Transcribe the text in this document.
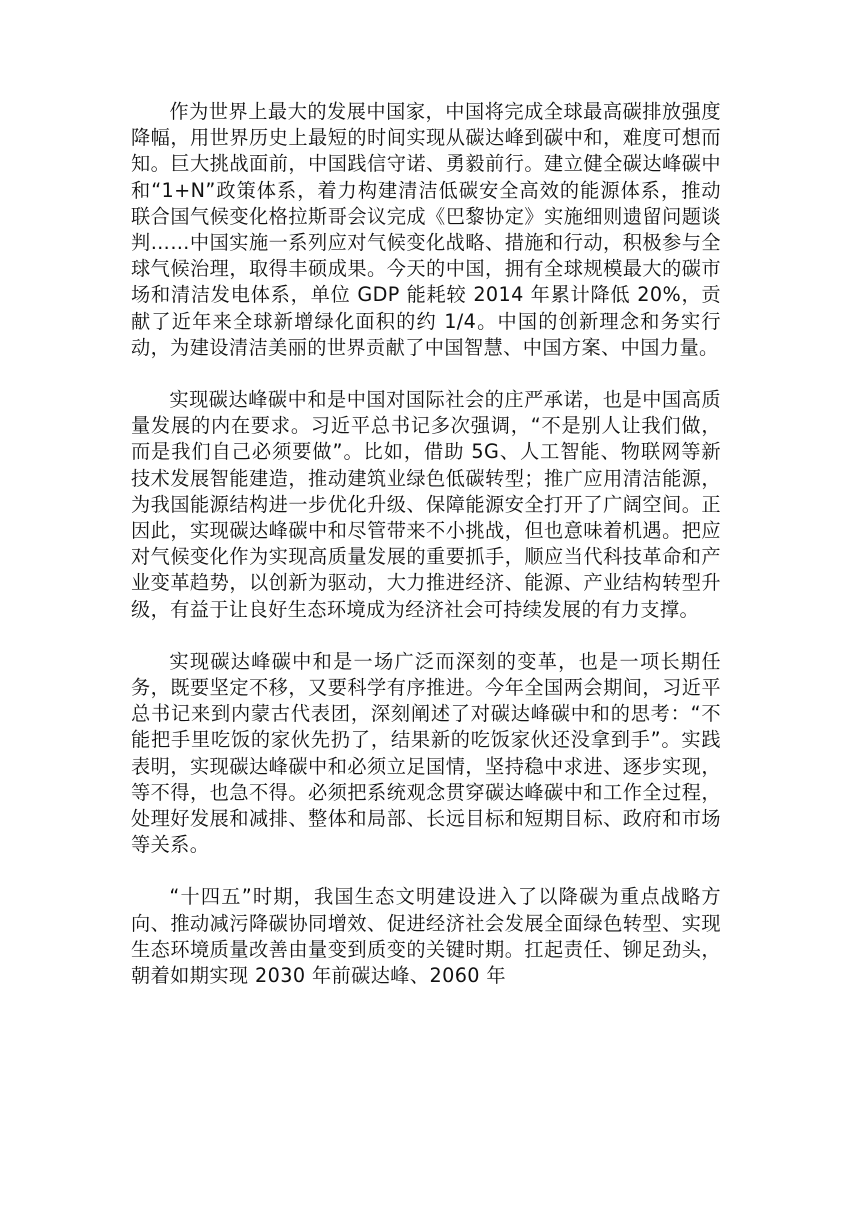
作为世界上最大的发展中国家，中国将完成全球最高碳排放强度降幅，用世界历史上最短的时间实现从碳达峰到碳中和，难度可想而知。巨大挑战面前，中国践信守诺、勇毅前行。建立健全碳达峰碳中和“1+N”政策体系，着力构建清洁低碳安全高效的能源体系，推动联合国气候变化格拉斯哥会议完成《巴黎协定》实施细则遗留问题谈判……中国实施一系列应对气候变化战略、措施和行动，积极参与全球气候治理，取得丰硕成果。今天的中国，拥有全球规模最大的碳市场和清洁发电体系，单位 GDP 能耗较 2014 年累计降低 20%，贡献了近年来全球新增绿化面积的约 1/4。中国的创新理念和务实行动，为建设清洁美丽的世界贡献了中国智慧、中国方案、中国力量。

实现碳达峰碳中和是中国对国际社会的庄严承诺，也是中国高质量发展的内在要求。习近平总书记多次强调，“不是别人让我们做，而是我们自己必须要做”。比如，借助 5G、人工智能、物联网等新技术发展智能建造，推动建筑业绿色低碳转型；推广应用清洁能源，为我国能源结构进一步优化升级、保障能源安全打开了广阔空间。正因此，实现碳达峰碳中和尽管带来不小挑战，但也意味着机遇。把应对气候变化作为实现高质量发展的重要抓手，顺应当代科技革命和产业变革趋势，以创新为驱动，大力推进经济、能源、产业结构转型升级，有益于让良好生态环境成为经济社会可持续发展的有力支撑。

实现碳达峰碳中和是一场广泛而深刻的变革，也是一项长期任务，既要坚定不移，又要科学有序推进。今年全国两会期间，习近平总书记来到内蒙古代表团，深刻阐述了对碳达峰碳中和的思考：“不能把手里吃饭的家伙先扔了，结果新的吃饭家伙还没拿到手”。实践表明，实现碳达峰碳中和必须立足国情，坚持稳中求进、逐步实现，等不得，也急不得。必须把系统观念贯穿碳达峰碳中和工作全过程，处理好发展和减排、整体和局部、长远目标和短期目标、政府和市场等关系。

“十四五”时期，我国生态文明建设进入了以降碳为重点战略方向、推动减污降碳协同增效、促进经济社会发展全面绿色转型、实现生态环境质量改善由量变到质变的关键时期。扛起责任、铆足劲头，朝着如期实现 2030 年前碳达峰、2060 年
